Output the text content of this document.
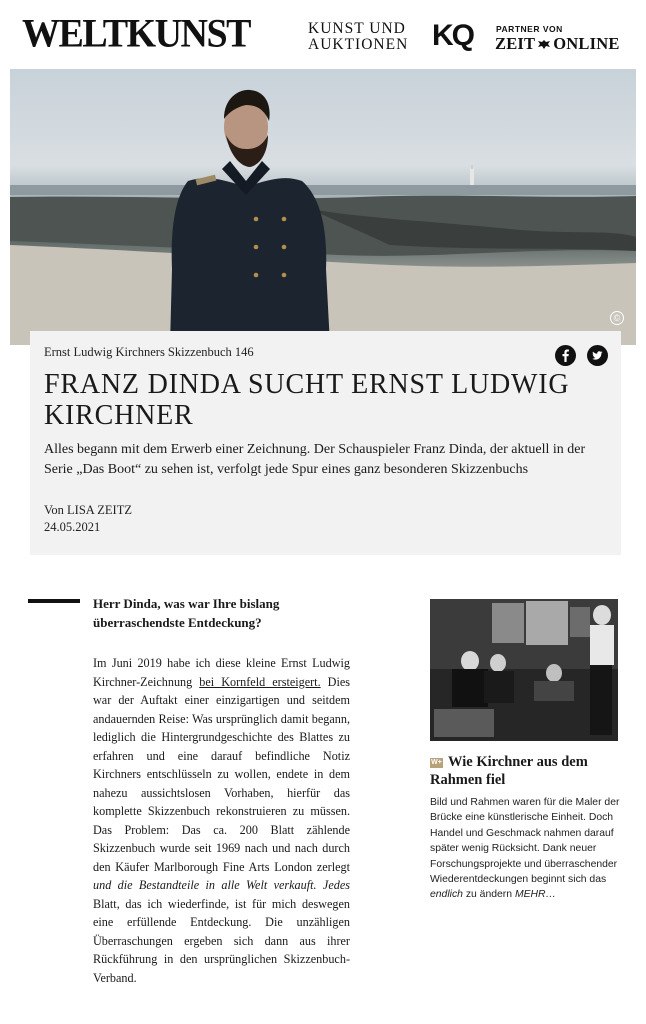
WELTKUNST	KUNST UND
AUKTIONEN KQ	PARTNER VON
ZEIT ONLINE
©
Ernst Ludwig Kirchners Skizzenbuch 146
FRANZ DINDA SUCHT ERNST LUDWIG KIRCHNER
Alles begann mit dem Erwerb einer Zeichnung. Der Schauspieler Franz Dinda, der aktuell in der Serie „Das Boot“ zu sehen ist, verfolgt jede Spur eines ganz besonderen Skizzenbuchs
Von LISA ZEITZ
24.05.2021
Herr Dinda, was war Ihre bislang überraschendste Entdeckung?
Im Juni 2019 habe ich diese kleine Ernst Ludwig Kirchner-Zeichnung bei Kornfeld ersteigert. Dies war der Auftakt einer einzigartigen und seitdem andauernden Reise: Was ursprünglich damit begann, lediglich die Hintergrundgeschichte des Blattes zu erfahren und eine darauf befindliche Notiz Kirchners entschlüsseln zu wollen, endete in dem nahezu aussichtslosen Vorhaben, hierfür das komplette Skizzenbuch rekonstruieren zu müssen. Das Problem: Das ca. 200 Blatt zählende Skizzenbuch wurde seit 1969 nach und nach durch den Käufer Marlborough Fine Arts London zerlegt und die Bestandteile in alle Welt verkauft. Jedes Blatt, das ich wiederfinde, ist für mich deswegen eine erfüllende Entdeckung. Die unzähligen Überraschungen ergeben sich dann aus ihrer Rückführung in den ursprünglichen Skizzenbuch-Verband.
W+ Wie Kirchner aus dem Rahmen fiel
Bild und Rahmen waren für die Maler der Brücke eine künstlerische Einheit. Doch Handel und Geschmack nahmen darauf später wenig Rücksicht. Dank neuer Forschungsprojekte und überraschender Wiederentdeckungen beginnt sich das endlich zu ändern MEHR…
